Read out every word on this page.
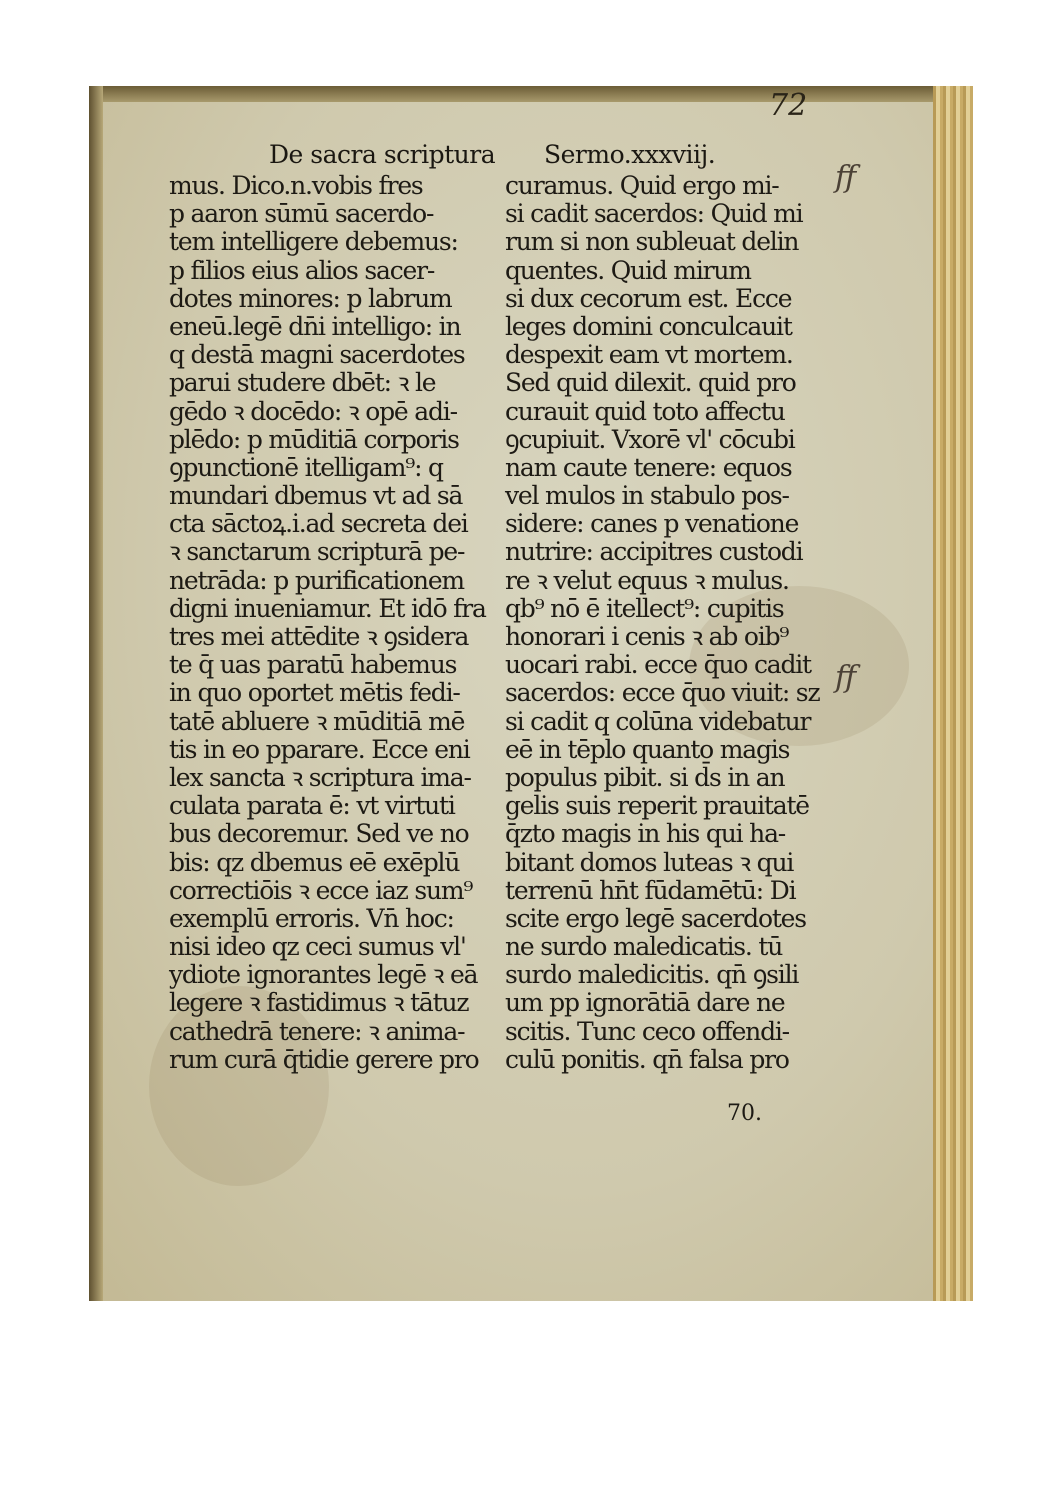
72
De sacra scriptura Sermo.xxxviij.
mus. Dico.n.vobis fres
p aaron sūmū sacerdo-
tem intelligere debemus:
p filios eius alios sacer-
dotes minores: p labrum
eneū.legē dn̄i intelligo: in
q destā magni sacerdotes
parui studere dbēt: ꝛ le
gēdo ꝛ docēdo: ꝛ opē adi-
plēdo: p mūditiā corporis
ꝯpunctionē itelligam⁹: q
mundari dbemus vt ad sā
cta sāctoꝝ.i.ad secreta dei
ꝛ sanctarum scripturā pe-
netrāda: p purificationem
digni inueniamur. Et idō fra
tres mei attēdite ꝛ ꝯsidera
te q̄ uas paratū habemus
in quo oportet mētis fedi-
tatē abluere ꝛ mūditiā mē
tis in eo pparare. Ecce eni
lex sancta ꝛ scriptura ima-
culata parata ē: vt virtuti
bus decoremur. Sed ve no
bis: qz dbemus eē exēplū
correctiōis ꝛ ecce iaz sum⁹
exemplū erroris. Vn̄ hoc:
nisi ideo qz ceci sumus vl'
ydiote ignorantes legē ꝛ eā
legere ꝛ fastidimus ꝛ tātuz
cathedrā tenere: ꝛ anima-
rum curā q̄tidie gerere pro
curamus. Quid ergo mi-
si cadit sacerdos: Quid mi
rum si non subleuat delin
quentes. Quid mirum
si dux cecorum est. Ecce
leges domini conculcauit
despexit eam vt mortem.
Sed quid dilexit. quid pro
curauit quid toto affectu
ꝯcupiuit. Vxorē vl' cōcubi
nam caute tenere: equos
vel mulos in stabulo pos-
sidere: canes p venatione
nutrire: accipitres custodi
re ꝛ velut equus ꝛ mulus.
qb⁹ nō ē itellect⁹: cupitis
honorari i cenis ꝛ ab oib⁹
uocari rabi. ecce q̄uo cadit
sacerdos: ecce q̄uo viuit: sz
si cadit q colūna videbatur
eē in tēplo quanto magis
populus pibit. si d̄s in an
gelis suis reperit prauitatē
q̄zto magis in his qui ha-
bitant domos luteas ꝛ qui
terrenū hn̄t fūdamētū: Di
scite ergo legē sacerdotes
ne surdo maledicatis. tū
surdo maledicitis. qn̄ ꝯsili
um pp ignorātiā dare ne
scitis. Tunc ceco offendi-
culū ponitis. qn̄ falsa pro
ff
ff
70.
